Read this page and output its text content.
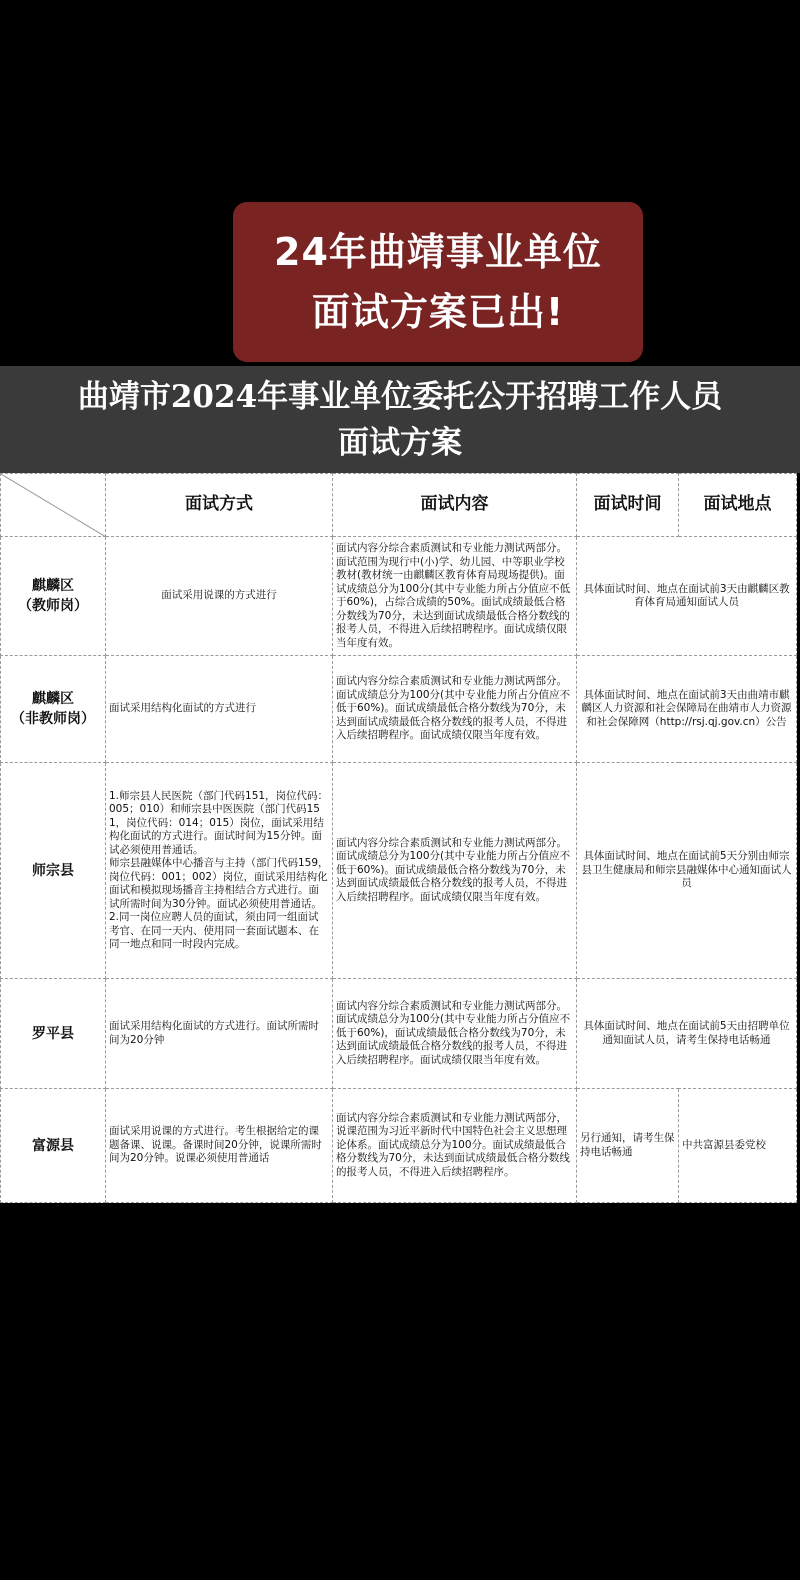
24年曲靖事业单位
面试方案已出!
曲靖市2024年事业单位委托公开招聘工作人员
面试方案
	面试方式	面试内容	面试时间	面试地点

麒麟区
（教师岗）	面试采用说课的方式进行	面试内容分综合素质测试和专业能力测试两部分。面试范围为现行中(小)学、幼儿园、中等职业学校教材(教材统一由麒麟区教育体育局现场提供)。面试成绩总分为100分(其中专业能力所占分值应不低于60%)，占综合成绩的50%。面试成绩最低合格分数线为70分，未达到面试成绩最低合格分数线的报考人员，不得进入后续招聘程序。面试成绩仅限当年度有效。	具体面试时间、地点在面试前3天由麒麟区教育体育局通知面试人员	

麒麟区
（非教师岗）	面试采用结构化面试的方式进行	面试内容分综合素质测试和专业能力测试两部分。面试成绩总分为100分(其中专业能力所占分值应不低于60%)。面试成绩最低合格分数线为70分，未达到面试成绩最低合格分数线的报考人员，不得进入后续招聘程序。面试成绩仅限当年度有效。	具体面试时间、地点在面试前3天由曲靖市麒麟区人力资源和社会保障局在曲靖市人力资源和社会保障网（http://rsj.qj.gov.cn）公告	
师宗县	1.师宗县人民医院（部门代码151，岗位代码：005；010）和师宗县中医医院（部门代码151，岗位代码：014；015）岗位，面试采用结构化面试的方式进行。面试时间为15分钟。面试必须使用普通话。
师宗县融媒体中心播音与主持（部门代码159，岗位代码：001；002）岗位，面试采用结构化面试和模拟现场播音主持相结合方式进行。面试所需时间为30分钟。面试必须使用普通话。
2.同一岗位应聘人员的面试，须由同一组面试考官、在同一天内、使用同一套面试题本、在同一地点和同一时段内完成。	面试内容分综合素质测试和专业能力测试两部分。面试成绩总分为100分(其中专业能力所占分值应不低于60%)。面试成绩最低合格分数线为70分，未达到面试成绩最低合格分数线的报考人员，不得进入后续招聘程序。面试成绩仅限当年度有效。	具体面试时间、地点在面试前5天分别由师宗县卫生健康局和师宗县融媒体中心通知面试人员	
罗平县	面试采用结构化面试的方式进行。面试所需时间为20分钟	面试内容分综合素质测试和专业能力测试两部分。面试成绩总分为100分(其中专业能力所占分值应不低于60%)，面试成绩最低合格分数线为70分，未达到面试成绩最低合格分数线的报考人员，不得进入后续招聘程序。面试成绩仅限当年度有效。	具体面试时间、地点在面试前5天由招聘单位通知面试人员，请考生保持电话畅通	
富源县	面试采用说课的方式进行。考生根据给定的课题备课、说课。备课时间20分钟，说课所需时间为20分钟。说课必须使用普通话	面试内容分综合素质测试和专业能力测试两部分，说课范围为习近平新时代中国特色社会主义思想理论体系。面试成绩总分为100分。面试成绩最低合格分数线为70分，未达到面试成绩最低合格分数线的报考人员，不得进入后续招聘程序。	另行通知，请考生保持电话畅通	中共富源县委党校
